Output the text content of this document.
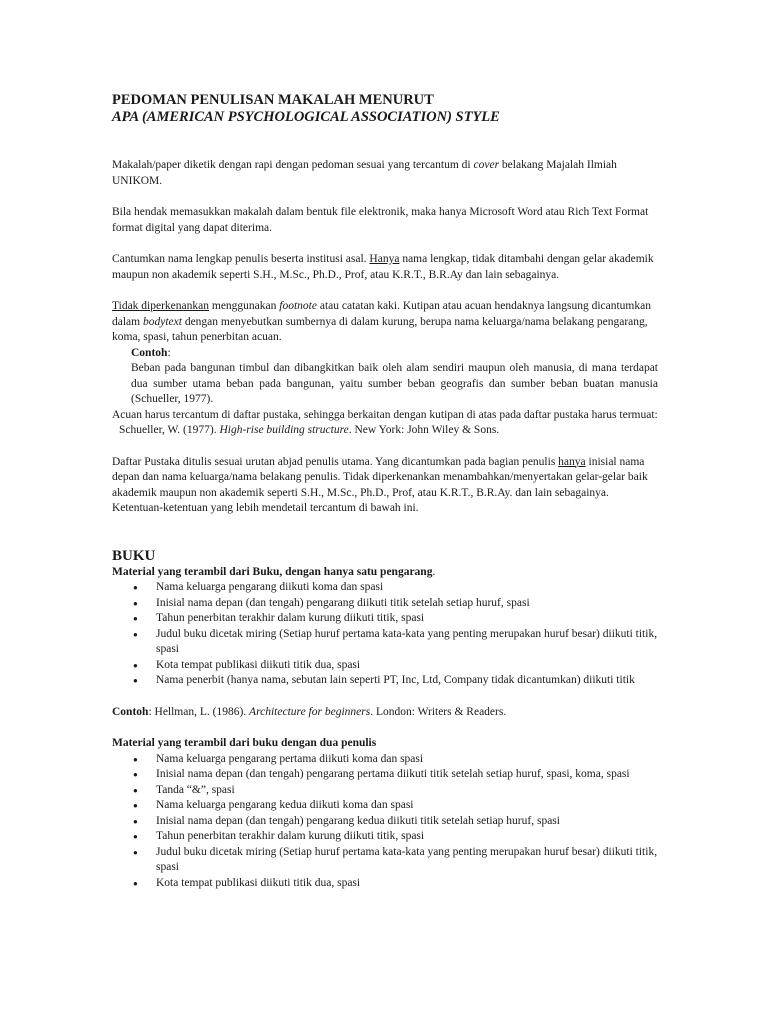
PEDOMAN PENULISAN MAKALAH MENURUT
APA (AMERICAN PSYCHOLOGICAL ASSOCIATION) STYLE

Makalah/paper diketik dengan rapi dengan pedoman sesuai yang tercantum di cover belakang Majalah Ilmiah UNIKOM.

Bila hendak memasukkan makalah dalam bentuk file elektronik, maka hanya Microsoft Word atau Rich Text Format format digital yang dapat diterima.

Cantumkan nama lengkap penulis beserta institusi asal. Hanya nama lengkap, tidak ditambahi dengan gelar akademik maupun non akademik seperti S.H., M.Sc., Ph.D., Prof, atau K.R.T., B.R.Ay dan lain sebagainya.

Tidak diperkenankan menggunakan footnote atau catatan kaki. Kutipan atau acuan hendaknya langsung dicantumkan dalam bodytext dengan menyebutkan sumbernya di dalam kurung, berupa nama keluarga/nama belakang pengarang, koma, spasi, tahun penerbitan acuan.

Contoh:

Beban pada bangunan timbul dan dibangkitkan baik oleh alam sendiri maupun oleh manusia, di mana terdapat dua sumber utama beban pada bangunan, yaitu sumber beban geografis dan sumber beban buatan manusia (Schueller, 1977).

Acuan harus tercantum di daftar pustaka, sehingga berkaitan dengan kutipan di atas pada daftar pustaka harus termuat:

Schueller, W. (1977). High-rise building structure. New York: John Wiley & Sons.

Daftar Pustaka ditulis sesuai urutan abjad penulis utama. Yang dicantumkan pada bagian penulis hanya inisial nama depan dan nama keluarga/nama belakang penulis. Tidak diperkenankan menambahkan/menyertakan gelar-gelar baik akademik maupun non akademik seperti S.H., M.Sc., Ph.D., Prof, atau K.R.T., B.R.Ay. dan lain sebagainya. Ketentuan-ketentuan yang lebih mendetail tercantum di bawah ini.

BUKU

Material yang terambil dari Buku, dengan hanya satu pengarang.

● Nama keluarga pengarang diikuti koma dan spasi
● Inisial nama depan (dan tengah) pengarang diikuti titik setelah setiap huruf, spasi
● Tahun penerbitan terakhir dalam kurung diikuti titik, spasi
● Judul buku dicetak miring (Setiap huruf pertama kata-kata yang penting merupakan huruf besar) diikuti titik, spasi
● Kota tempat publikasi diikuti titik dua, spasi
● Nama penerbit (hanya nama, sebutan lain seperti PT, Inc, Ltd, Company tidak dicantumkan) diikuti titik

Contoh: Hellman, L. (1986). Architecture for beginners. London: Writers & Readers.

Material yang terambil dari buku dengan dua penulis

● Nama keluarga pengarang pertama diikuti koma dan spasi
● Inisial nama depan (dan tengah) pengarang pertama diikuti titik setelah setiap huruf, spasi, koma, spasi
● Tanda “&”, spasi
● Nama keluarga pengarang kedua diikuti koma dan spasi
● Inisial nama depan (dan tengah) pengarang kedua diikuti titik setelah setiap huruf, spasi
● Tahun penerbitan terakhir dalam kurung diikuti titik, spasi
● Judul buku dicetak miring (Setiap huruf pertama kata-kata yang penting merupakan huruf besar) diikuti titik, spasi
● Kota tempat publikasi diikuti titik dua, spasi
